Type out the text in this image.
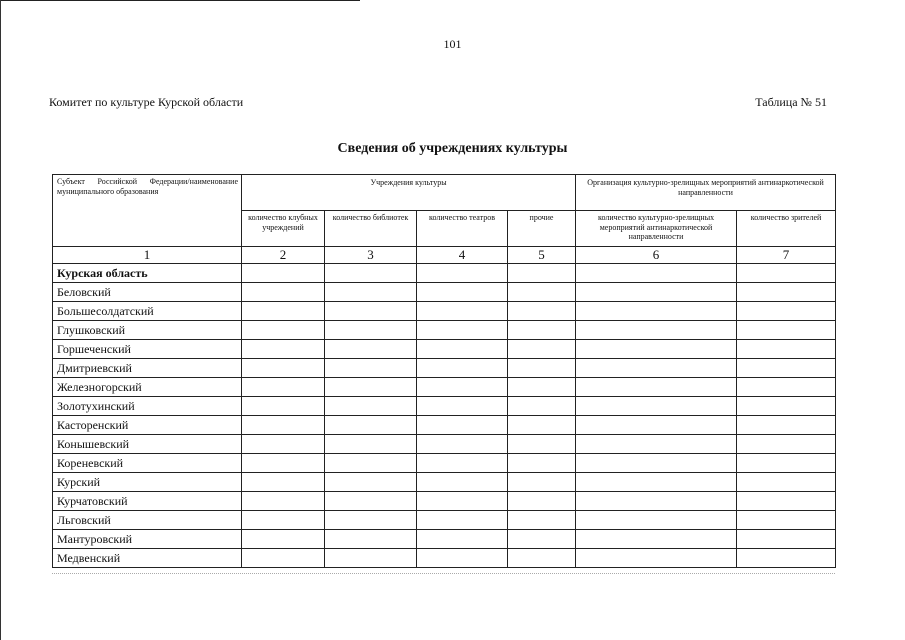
101
Комитет по культуре Курской области	Таблица № 51
Сведения об учреждениях культуры
Субъект Российской Федерации/наименование муниципального образования	Учреждения культуры				Организация культурно-зрелищных мероприятий антинаркотической направленности	
	количество клубных учреждений	количество библиотек	количество театров	прочие	количество культурно-зрелищных мероприятий антинаркотической направленности	количество зрителей
1	2	3	4	5	6	7
Курская область						
Беловский						
Большесолдатский						
Глушковский						
Горшеченский						
Дмитриевский						
Железногорский						
Золотухинский						
Касторенский						
Конышевский						
Кореневский						
Курский						
Курчатовский						
Льговский						
Мантуровский						
Медвенский						
